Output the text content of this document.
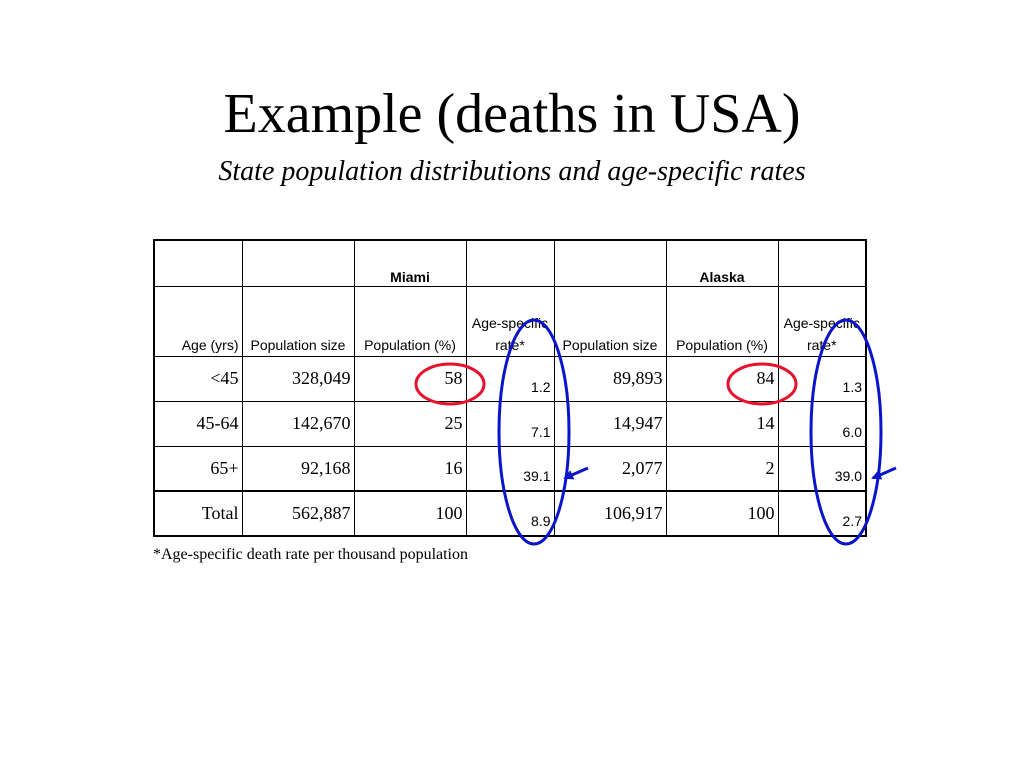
Example (deaths in USA)
State population distributions and age-specific rates
		Miami			Alaska	
Age (yrs)	Population size	Population (%)	Age-specific rate*	Population size	Population (%)	Age-specific rate*
<45	328,049	58	1.2	89,893	84	1.3
45-64	142,670	25	7.1	14,947	14	6.0
65+	92,168	16	39.1	2,077	2	39.0
Total	562,887	100	8.9	106,917	100	2.7
*Age-specific death rate per thousand population
